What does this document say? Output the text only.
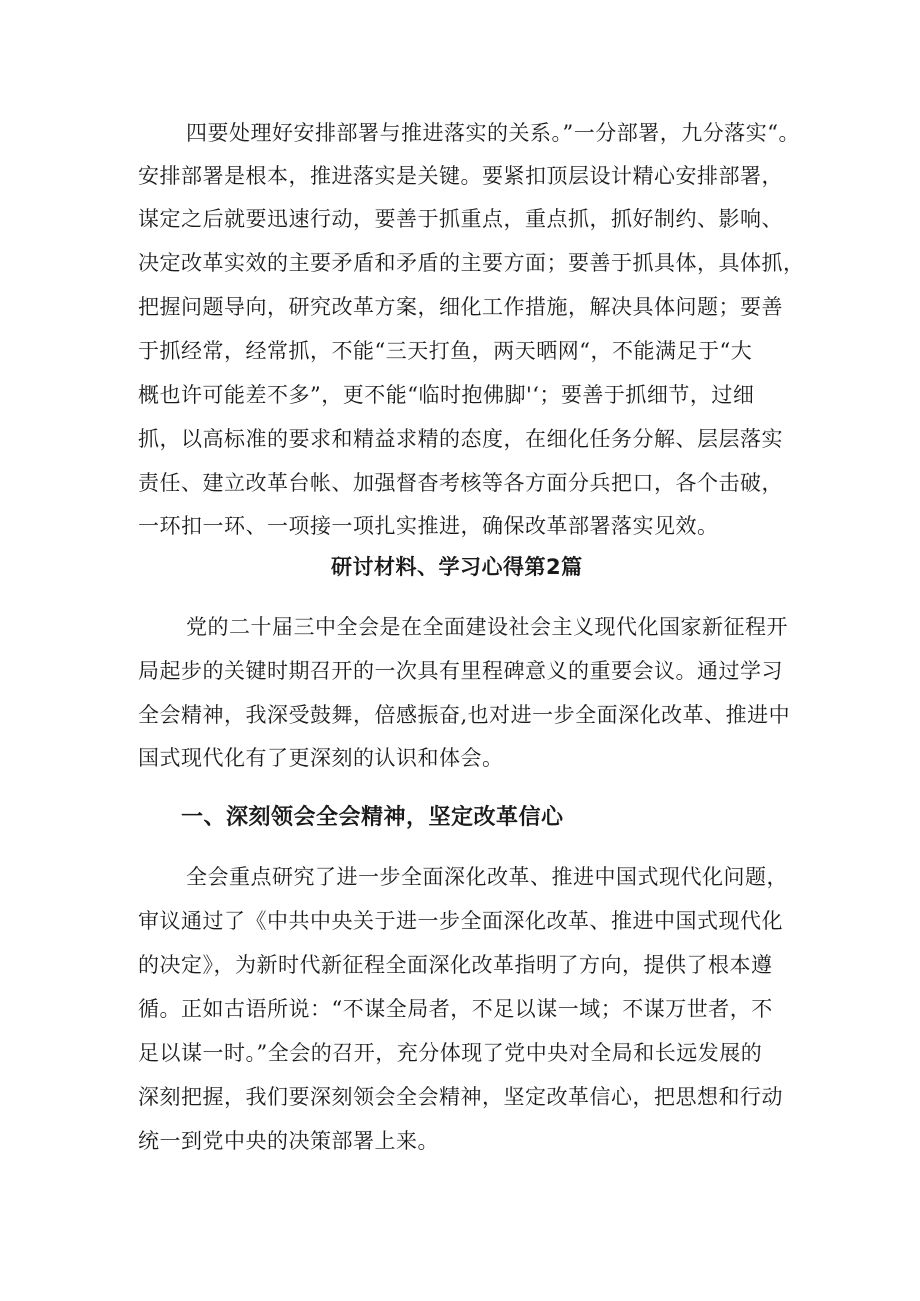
四要处理好安排部署与推进落实的关系。”一分部署，九分落实“。
安排部署是根本，推进落实是关键。要紧扣顶层设计精心安排部署，
谋定之后就要迅速行动，要善于抓重点，重点抓，抓好制约、影响、
决定改革实效的主要矛盾和矛盾的主要方面；要善于抓具体，具体抓，
把握问题导向，研究改革方案，细化工作措施，解决具体问题；要善
于抓经常，经常抓，不能“三天打鱼，两天晒网“，不能满足于“大
概也许可能差不多”，更不能“临时抱佛脚'‘；要善于抓细节，过细
抓，以高标准的要求和精益求精的态度，在细化任务分解、层层落实
责任、建立改革台帐、加强督杳考核等各方面分兵把口，各个击破，
一环扣一环、一项接一项扎实推进，确保改革部署落实见效。
研讨材料、学习心得第2篇
党的二十届三中全会是在全面建设社会主义现代化国家新征程开
局起步的关键时期召开的一次具有里程碑意义的重要会议。通过学习
全会精神，我深受鼓舞，倍感振奋,也对进一步全面深化改革、推进中
国式现代化有了更深刻的认识和体会。
一、深刻领会全会精神，坚定改革信心
全会重点研究了进一步全面深化改革、推进中国式现代化问题，
审议通过了《中共中央关于进一步全面深化改革、推进中国式现代化
的决定》，为新时代新征程全面深化改革指明了方向，提供了根本遵
循。正如古语所说：“不谋全局者，不足以谋一域；不谋万世者，不
足以谋一时。”全会的召开，充分体现了党中央对全局和长远发展的
深刻把握，我们要深刻领会全会精神，坚定改革信心，把思想和行动
统一到党中央的决策部署上来。
